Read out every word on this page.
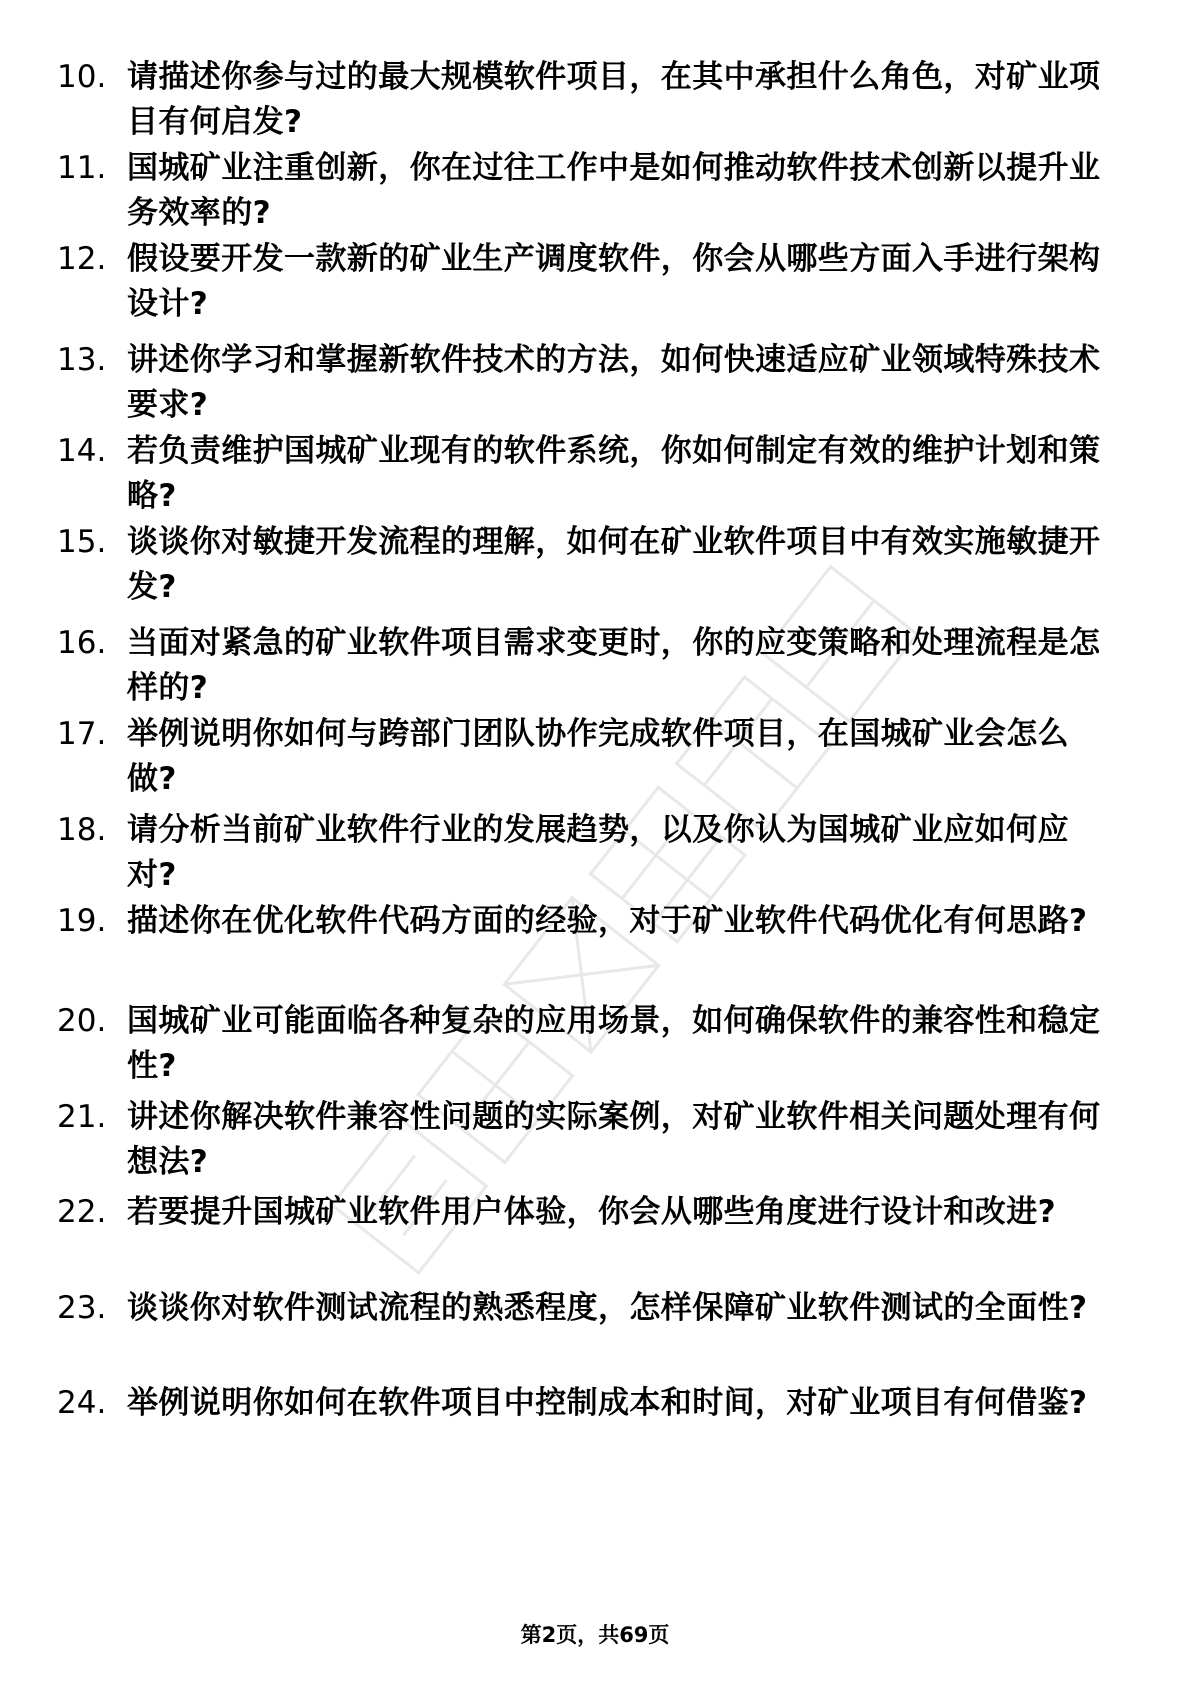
10. 请描述你参与过的最大规模软件项目，在其中承担什么角色，对矿业项目有何启发?
11. 国城矿业注重创新，你在过往工作中是如何推动软件技术创新以提升业务效率的?
12. 假设要开发一款新的矿业生产调度软件，你会从哪些方面入手进行架构设计?
13. 讲述你学习和掌握新软件技术的方法，如何快速适应矿业领域特殊技术要求?
14. 若负责维护国城矿业现有的软件系统，你如何制定有效的维护计划和策略?
15. 谈谈你对敏捷开发流程的理解，如何在矿业软件项目中有效实施敏捷开发?
16. 当面对紧急的矿业软件项目需求变更时，你的应变策略和处理流程是怎样的?
17. 举例说明你如何与跨部门团队协作完成软件项目，在国城矿业会怎么做?
18. 请分析当前矿业软件行业的发展趋势，以及你认为国城矿业应如何应对?
19. 描述你在优化软件代码方面的经验，对于矿业软件代码优化有何思路?
20. 国城矿业可能面临各种复杂的应用场景，如何确保软件的兼容性和稳定性?
21. 讲述你解决软件兼容性问题的实际案例，对矿业软件相关问题处理有何想法?
22. 若要提升国城矿业软件用户体验，你会从哪些角度进行设计和改进?
23. 谈谈你对软件测试流程的熟悉程度，怎样保障矿业软件测试的全面性?
24. 举例说明你如何在软件项目中控制成本和时间，对矿业项目有何借鉴?
第2页，共69页
